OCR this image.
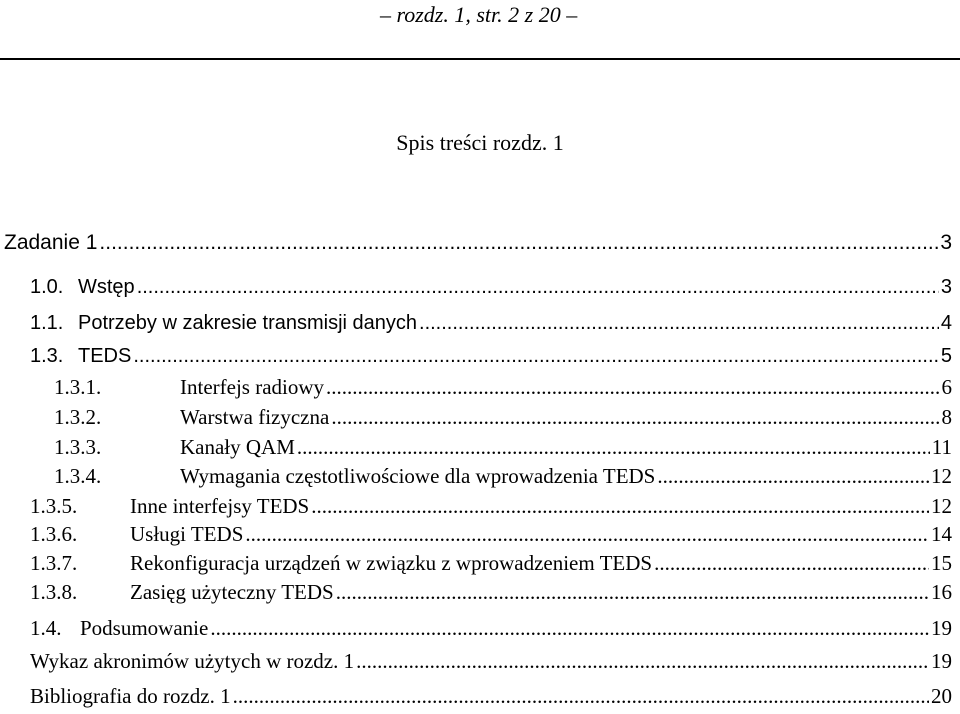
– rozdz. 1, str. 2 z 20 –
Spis treści rozdz. 1
Zadanie 1 .....	3
1.0. Wstęp .....	3
1.1. Potrzeby w zakresie transmisji danych .....	4
1.3. TEDS .....	5
1.3.1.	Interfejs radiowy .....	6
1.3.2.	Warstwa fizyczna .....	8
1.3.3.	Kanały QAM .....	11
1.3.4.	Wymagania częstotliwościowe dla wprowadzenia TEDS .....	12
1.3.5.	Inne interfejsy TEDS .....	12
1.3.6.	Usługi TEDS .....	14
1.3.7.	Rekonfiguracja urządzeń w związku z wprowadzeniem TEDS .....	15
1.3.8.	Zasięg użyteczny TEDS .....	16
1.4. Podsumowanie .....	19
Wykaz akronimów użytych w rozdz. 1 .....	19
Bibliografia do rozdz. 1 .....	20
